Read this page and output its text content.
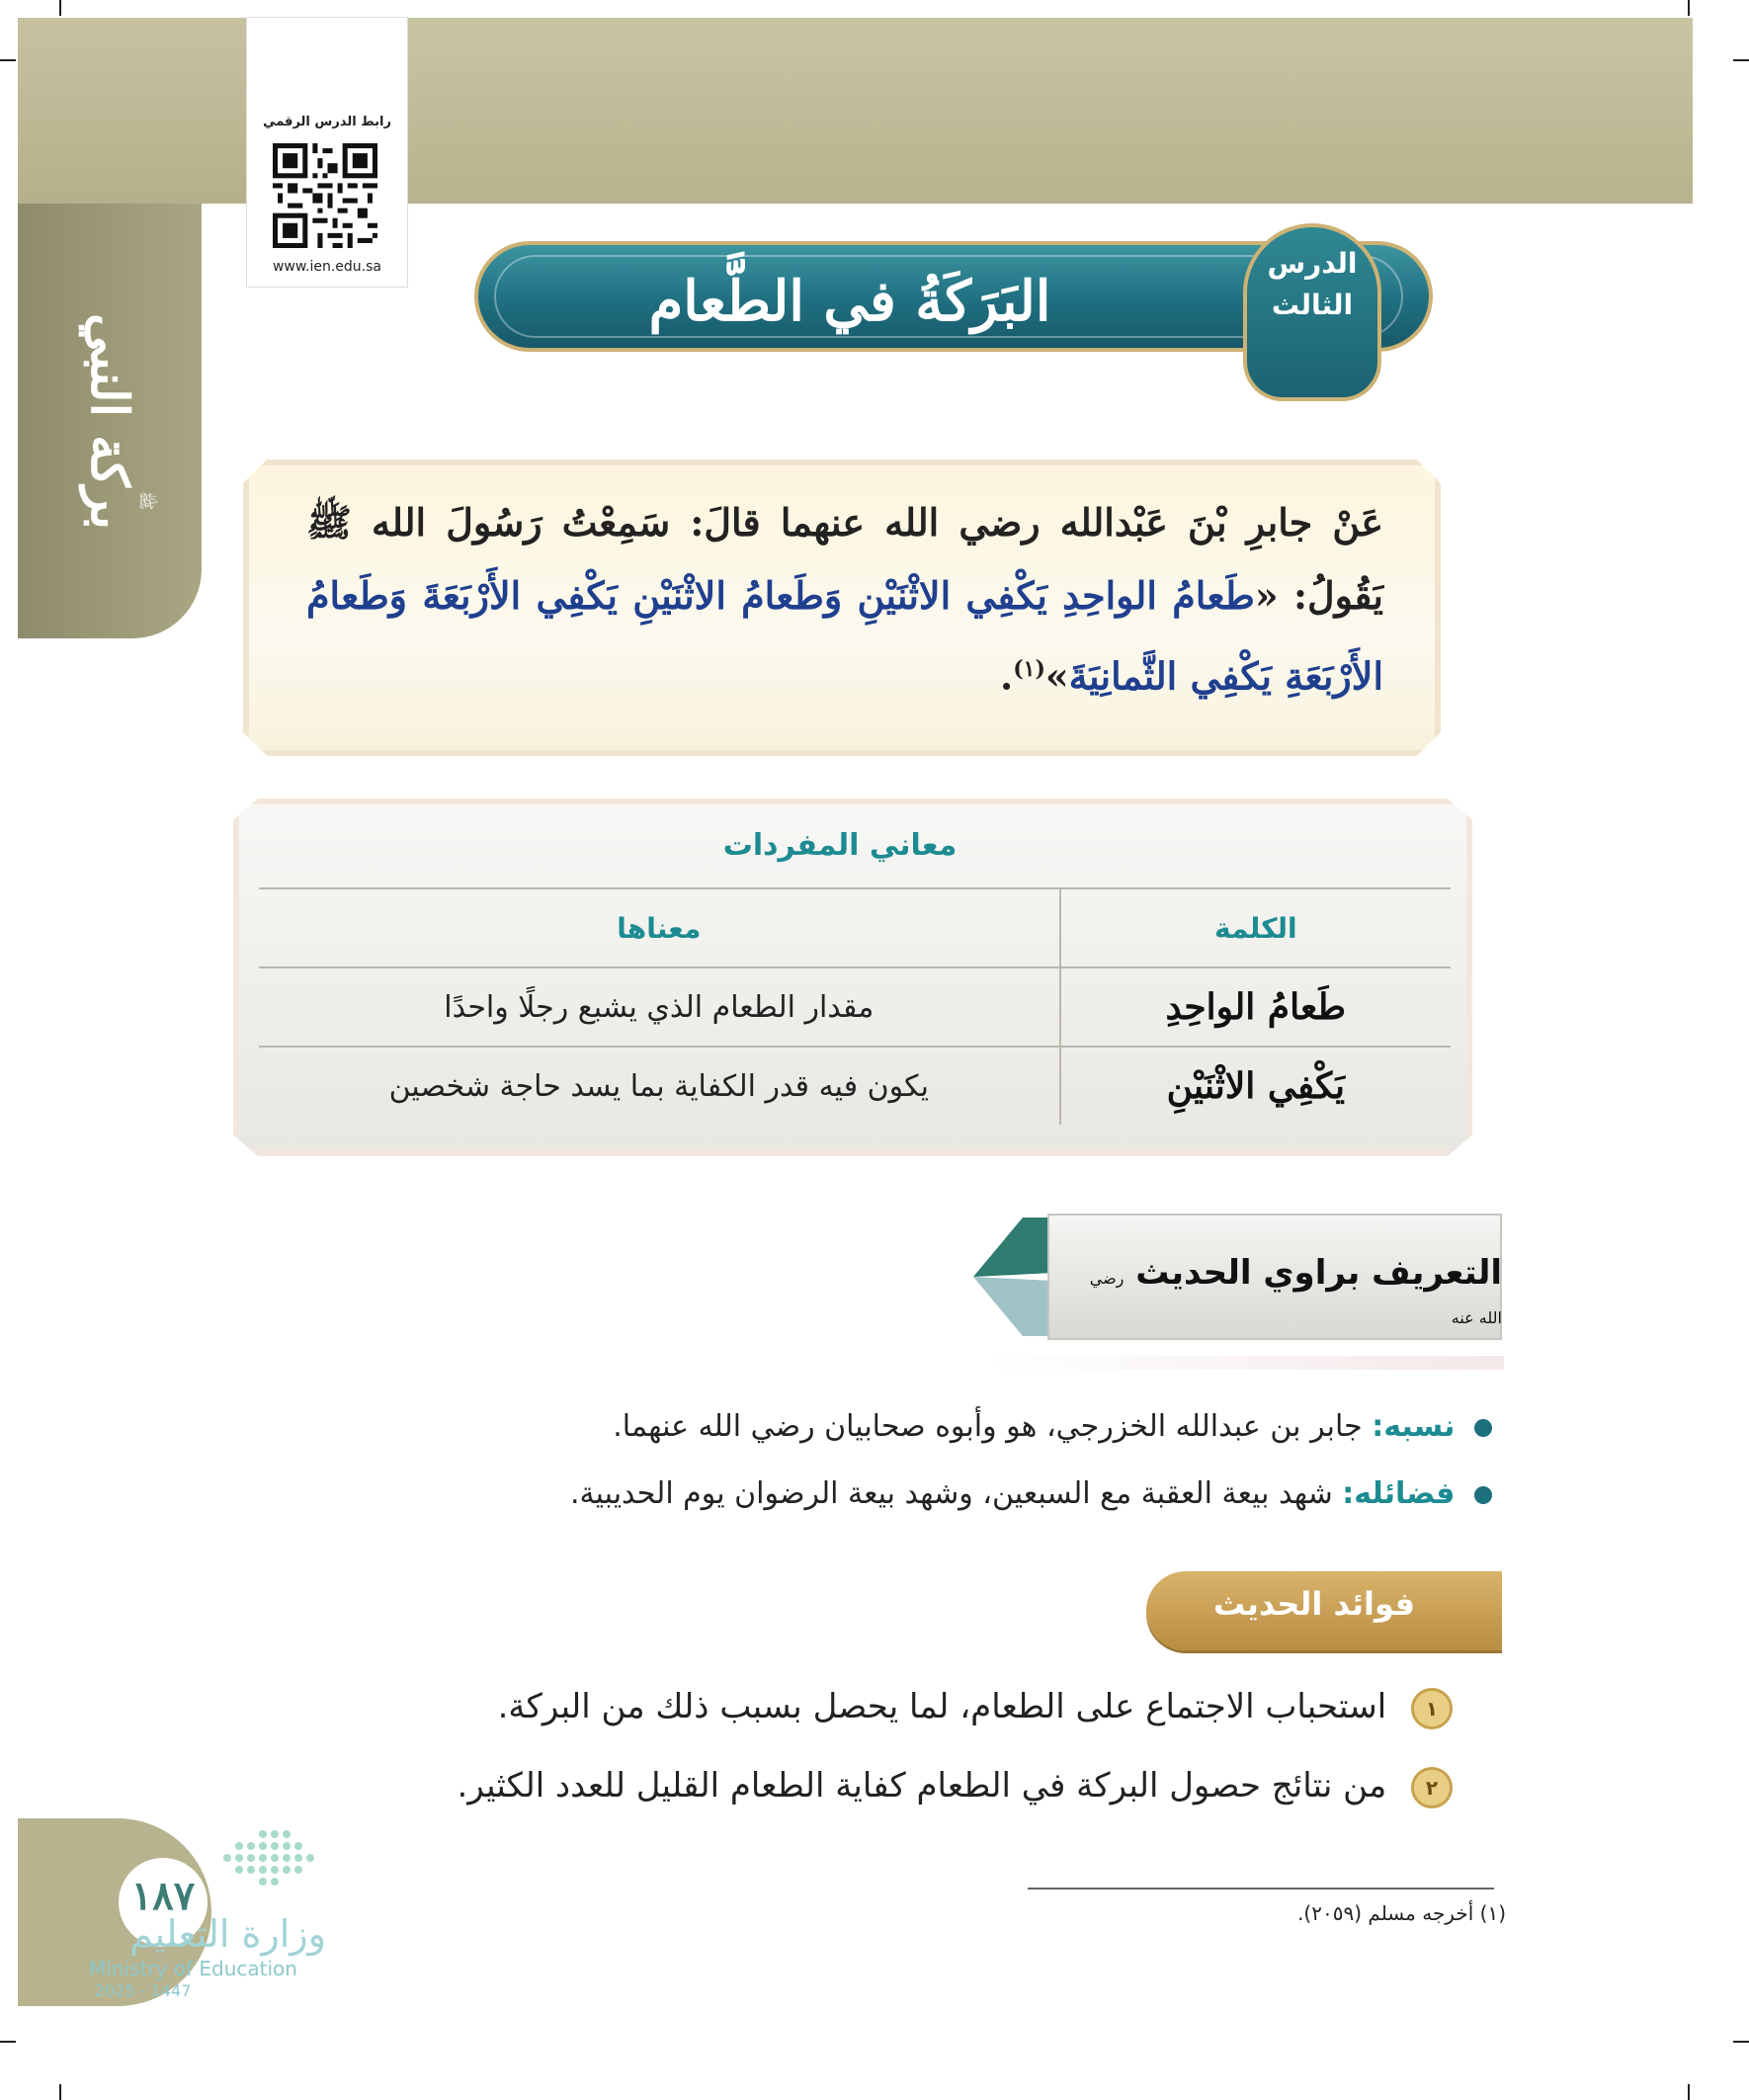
بركة النبي
ﷺ
رابط الدرس الرقمي
www.ien.edu.sa
البَرَكَةُ في الطَّعام
الدرس
الثالث
عَنْ جابرِ بْنَ عَبْدالله رضي الله عنهما قالَ: سَمِعْتُ رَسُولَ الله ﷺ يَقُولُ: «طَعامُ الواحِدِ يَكْفِي الاثْنَيْنِ وَطَعامُ الاثْنَيْنِ يَكْفِي الأَرْبَعَةَ وَطَعامُ الأَرْبَعَةِ يَكْفِي الثَّمانِيَةَ»$^{(١)}$.
معاني المفردات
الكلمة	معناها
طَعامُ الواحِدِ	مقدار الطعام الذي يشبع رجلًا واحدًا
يَكْفِي الاثْنَيْنِ	يكون فيه قدر الكفاية بما يسد حاجة شخصين
التعريف براوي الحديث رضي الله عنه
نسبه: جابر بن عبدالله الخزرجي، هو وأبوه صحابيان رضي الله عنهما.
فضائله: شهد بيعة العقبة مع السبعين، وشهد بيعة الرضوان يوم الحديبية.
فوائد الحديث
١ استحباب الاجتماع على الطعام، لما يحصل بسبب ذلك من البركة.
٢ من نتائج حصول البركة في الطعام كفاية الطعام القليل للعدد الكثير.
(١) أخرجه مسلم (٢٠٥٩).
١٨٧
وزارة التعليم
Ministry of Education
2025 - 1447
